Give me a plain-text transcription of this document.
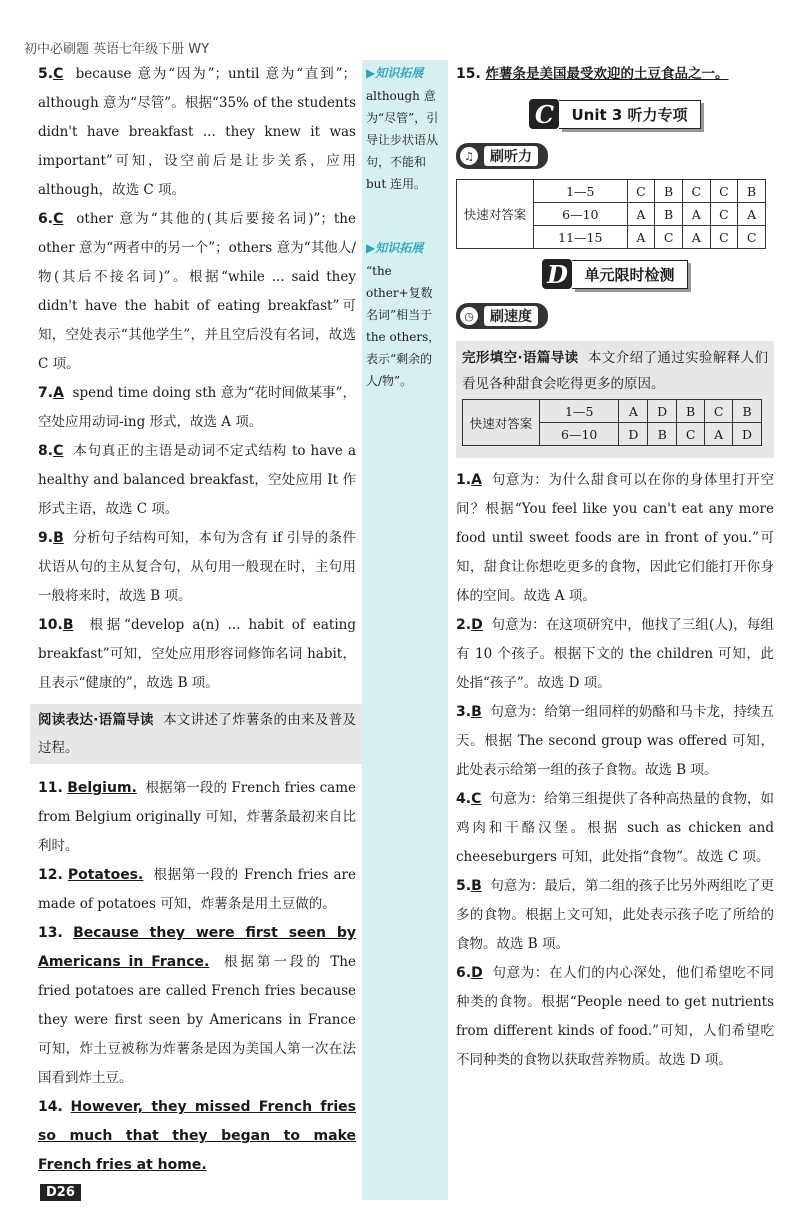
初中必刷题 英语七年级下册 WY

5.C because 意为“因为”；until 意为“直到”；although 意为“尽管”。根据“35% of the students didn't have breakfast ... they knew it was important”可知，设空前后是让步关系，应用 although，故选 C 项。

6.C other 意为“其他的(其后要接名词)”；the other 意为“两者中的另一个”；others 意为“其他人/物(其后不接名词)”。根据“while ... said they didn't have the habit of eating breakfast”可知，空处表示“其他学生”，并且空后没有名词，故选 C 项。

7.A spend time doing sth 意为“花时间做某事”，空处应用动词-ing 形式，故选 A 项。

8.C 本句真正的主语是动词不定式结构 to have a healthy and balanced breakfast，空处应用 It 作形式主语，故选 C 项。

9.B 分析句子结构可知，本句为含有 if 引导的条件状语从句的主从复合句，从句用一般现在时，主句用一般将来时，故选 B 项。

10.B 根据“develop a(n) ... habit of eating breakfast”可知，空处应用形容词修饰名词 habit，且表示“健康的”，故选 B 项。

阅读表达·语篇导读 本文讲述了炸薯条的由来及普及过程。

11. Belgium. 根据第一段的 French fries came from Belgium originally 可知，炸薯条最初来自比利时。

12. Potatoes. 根据第一段的 French fries are made of potatoes 可知，炸薯条是用土豆做的。

13. Because they were first seen by Americans in France. 根据第一段的 The fried potatoes are called French fries because they were first seen by Americans in France 可知，炸土豆被称为炸薯条是因为美国人第一次在法国看到炸土豆。

14. However, they missed French fries so much that they began to make French fries at home.

▶知识拓展
although 意为“尽管”，引导让步状语从句，不能和 but 连用。
▶知识拓展
“the other+复数名词”相当于 the others，表示“剩余的人/物”。

15. 炸薯条是美国最受欢迎的土豆食品之一。

C	Unit 3 听力专项
♫	刷听力
快速对答案	1—5	C	B	C	C	B
	6—10	A	B	A	C	A
	11—15	A	C	A	C	C
D	单元限时检测
◷	刷速度

完形填空·语篇导读 本文介绍了通过实验解释人们看见各种甜食会吃得更多的原因。

快速对答案	1—5	A	D	B	C	B
	6—10	D	B	C	A	D

1.A 句意为：为什么甜食可以在你的身体里打开空间？根据“You feel like you can't eat any more food until sweet foods are in front of you.”可知，甜食让你想吃更多的食物，因此它们能打开你身体的空间。故选 A 项。

2.D 句意为：在这项研究中，他找了三组(人)，每组有 10 个孩子。根据下文的 the children 可知，此处指“孩子”。故选 D 项。

3.B 句意为：给第一组同样的奶酪和马卡龙，持续五天。根据 The second group was offered 可知，此处表示给第一组的孩子食物。故选 B 项。

4.C 句意为：给第三组提供了各种高热量的食物，如鸡肉和干酪汉堡。根据 such as chicken and cheeseburgers 可知，此处指“食物”。故选 C 项。

5.B 句意为：最后，第二组的孩子比另外两组吃了更多的食物。根据上文可知，此处表示孩子吃了所给的食物。故选 B 项。

6.D 句意为：在人们的内心深处，他们希望吃不同种类的食物。根据“People need to get nutrients from different kinds of food.”可知，人们希望吃不同种类的食物以获取营养物质。故选 D 项。

D26
